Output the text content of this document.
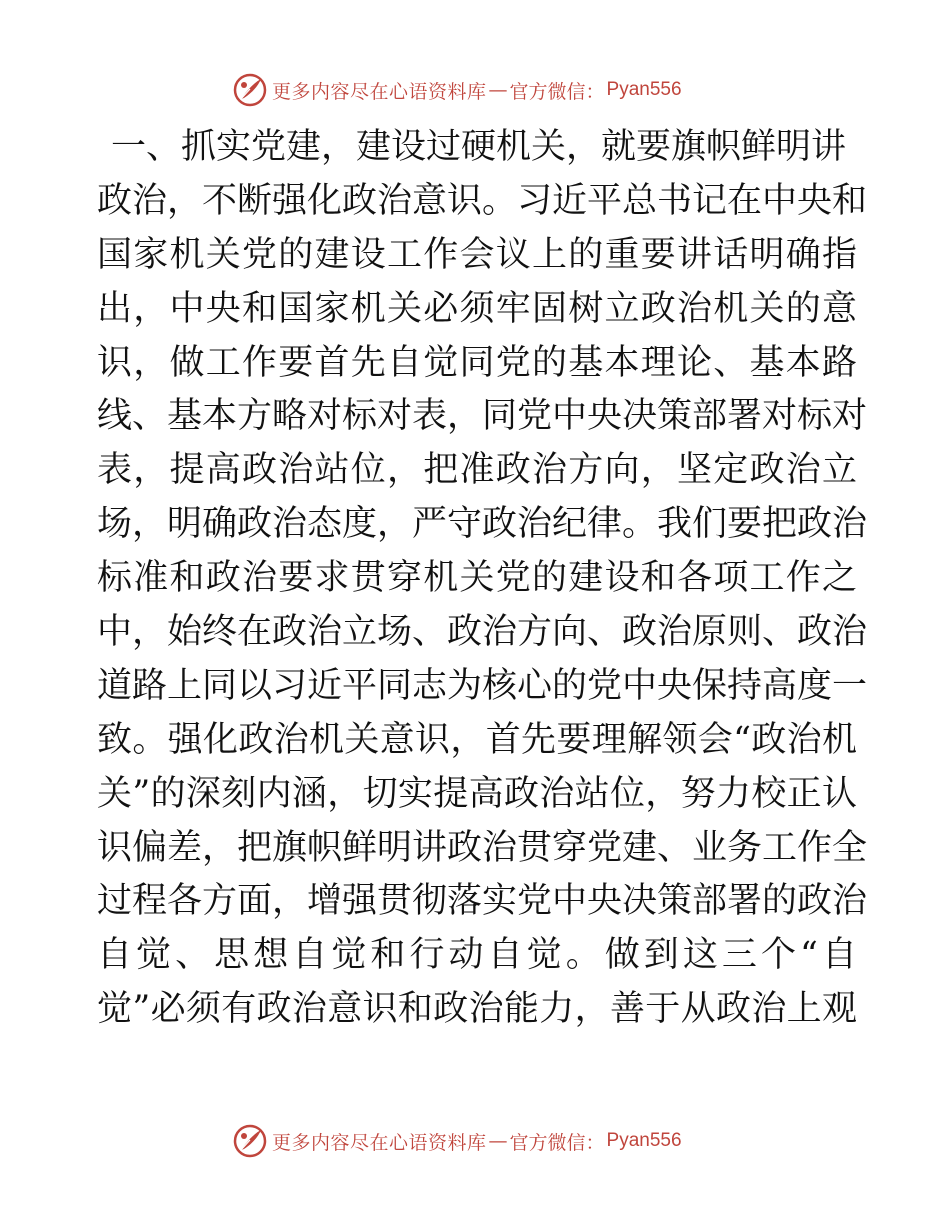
更多内容尽在心语资料库 — 官方微信： Pyan556
一、抓实党建，建设过硬机关，就要旗帜鲜明讲
政治，不断强化政治意识。习近平总书记在中央和
国家机关党的建设工作会议上的重要讲话明确指
出，中央和国家机关必须牢固树立政治机关的意
识，做工作要首先自觉同党的基本理论、基本路
线、基本方略对标对表，同党中央决策部署对标对
表，提高政治站位，把准政治方向，坚定政治立
场，明确政治态度，严守政治纪律。我们要把政治
标准和政治要求贯穿机关党的建设和各项工作之
中，始终在政治立场、政治方向、政治原则、政治
道路上同以习近平同志为核心的党中央保持高度一
致。强化政治机关意识，首先要理解领会“政治机
关”的深刻内涵，切实提高政治站位，努力校正认
识偏差，把旗帜鲜明讲政治贯穿党建、业务工作全
过程各方面，增强贯彻落实党中央决策部署的政治
自觉、思想自觉和行动自觉。做到这三个“自
觉”必须有政治意识和政治能力，善于从政治上观
更多内容尽在心语资料库 — 官方微信： Pyan556
